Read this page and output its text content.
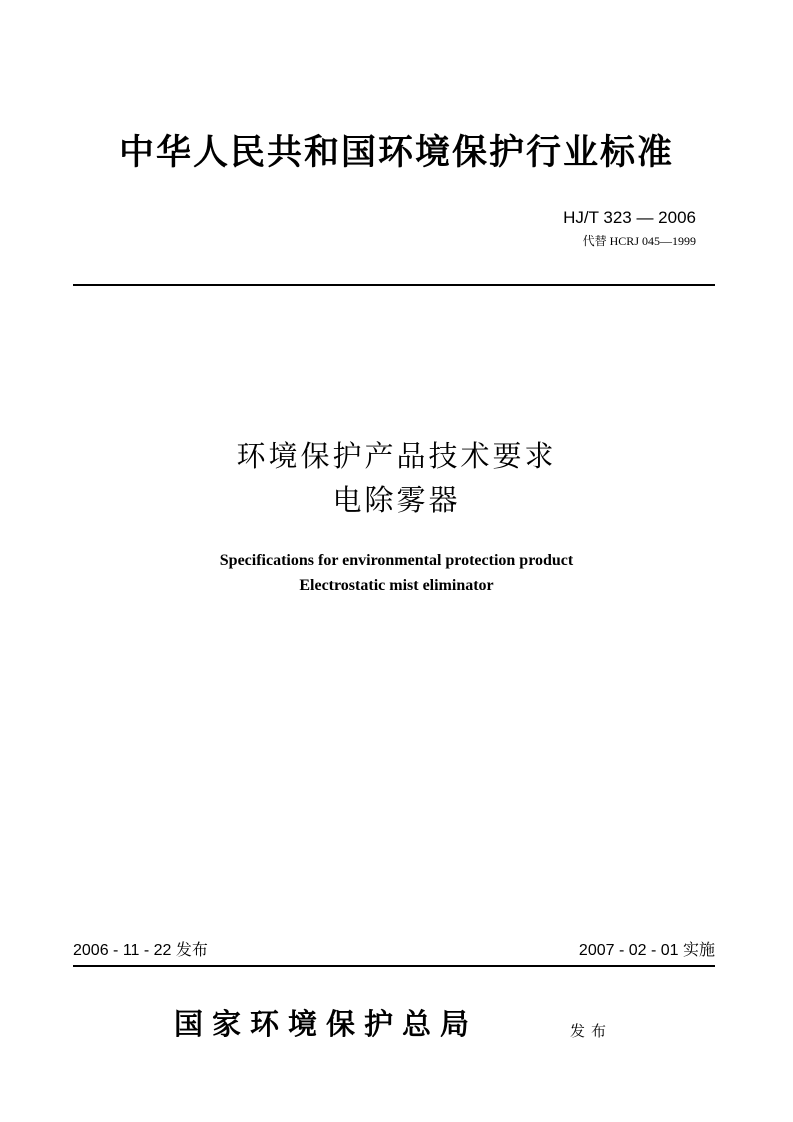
中华人民共和国环境保护行业标准
HJ/T 323 — 2006
代替 HCRJ 045—1999
环境保护产品技术要求
电除雾器
Specifications for environmental protection product
Electrostatic mist eliminator
2006 - 11 - 22 发布	2007 - 02 - 01 实施
国家环境保护总局	发布
